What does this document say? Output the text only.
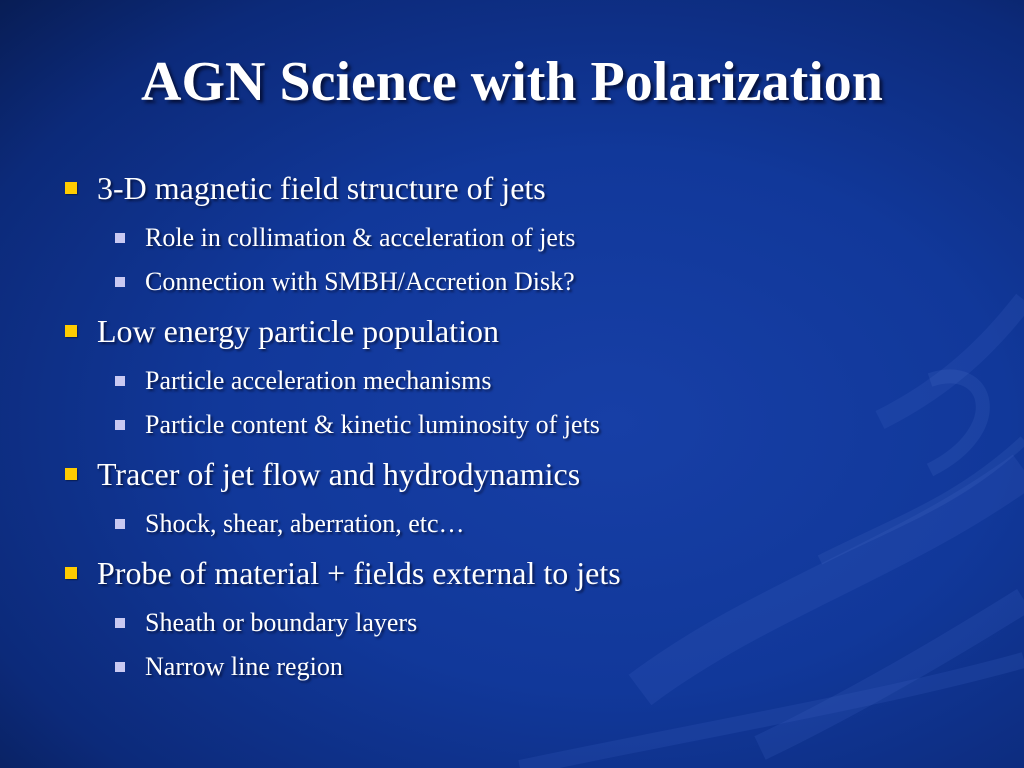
AGN Science with Polarization
3-D magnetic field structure of jets
Role in collimation & acceleration of jets
Connection with SMBH/Accretion Disk?
Low energy particle population
Particle acceleration mechanisms
Particle content & kinetic luminosity of jets
Tracer of jet flow and hydrodynamics
Shock, shear, aberration, etc…
Probe of material + fields external to jets
Sheath or boundary layers
Narrow line region
